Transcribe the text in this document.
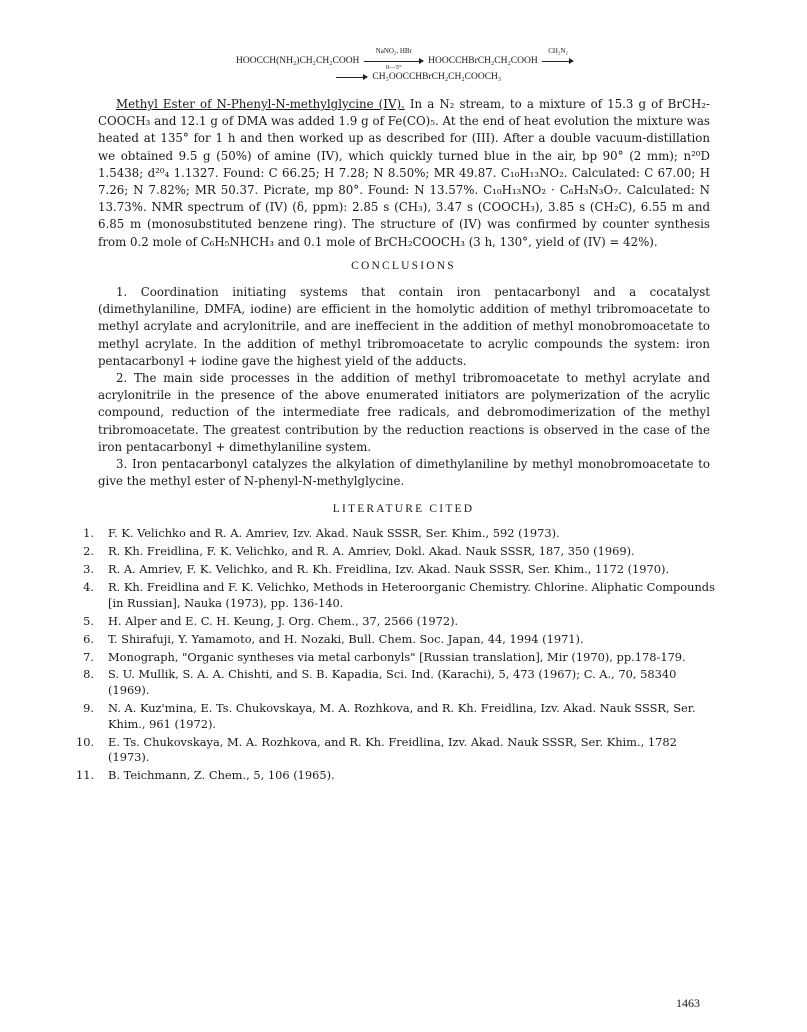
HOOCCH(NH₂)CH₂CH₂COOH
NaNO₂, HBr
0—5°
HOOCCHBrCH₂CH₂COOH
CH₂N₂
CH₃OOCCHBrCH₂CH₂COOCH₃
Methyl Ester of N-Phenyl-N-methylglycine (IV). In a N₂ stream, to a mixture of 15.3 g of BrCH₂-COOCH₃ and 12.1 g of DMA was added 1.9 g of Fe(CO)₅. At the end of heat evolution the mixture was heated at 135° for 1 h and then worked up as described for (III). After a double vacuum-distillation we obtained 9.5 g (50%) of amine (IV), which quickly turned blue in the air, bp 90° (2 mm); n²⁰D 1.5438; d²⁰₄ 1.1327. Found: C 66.25; H 7.28; N 8.50%; MR 49.87. C₁₀H₁₃NO₂. Calculated: C 67.00; H 7.26; N 7.82%; MR 50.37. Picrate, mp 80°. Found: N 13.57%. C₁₀H₁₃NO₂ · C₆H₃N₃O₇. Calculated: N 13.73%. NMR spectrum of (IV) (δ, ppm): 2.85 s (CH₃), 3.47 s (COOCH₃), 3.85 s (CH₂C), 6.55 m and 6.85 m (monosubstituted benzene ring). The structure of (IV) was confirmed by counter synthesis from 0.2 mole of C₆H₅NHCH₃ and 0.1 mole of BrCH₂COOCH₃ (3 h, 130°, yield of (IV) = 42%).
CONCLUSIONS
1. Coordination initiating systems that contain iron pentacarbonyl and a cocatalyst (dimethylaniline, DMFA, iodine) are efficient in the homolytic addition of methyl tribromoacetate to methyl acrylate and acrylonitrile, and are ineffecient in the addition of methyl monobromoacetate to methyl acrylate. In the addition of methyl tribromoacetate to acrylic compounds the system: iron pentacarbonyl + iodine gave the highest yield of the adducts.
2. The main side processes in the addition of methyl tribromoacetate to methyl acrylate and acrylonitrile in the presence of the above enumerated initiators are polymerization of the acrylic compound, reduction of the intermediate free radicals, and debromodimerization of the methyl tribromoacetate. The greatest contribution by the reduction reactions is observed in the case of the iron pentacarbonyl + dimethylaniline system.
3. Iron pentacarbonyl catalyzes the alkylation of dimethylaniline by methyl monobromoacetate to give the methyl ester of N-phenyl-N-methylglycine.
LITERATURE CITED
1. F. K. Velichko and R. A. Amriev, Izv. Akad. Nauk SSSR, Ser. Khim., 592 (1973).
2. R. Kh. Freidlina, F. K. Velichko, and R. A. Amriev, Dokl. Akad. Nauk SSSR, 187, 350 (1969).
3. R. A. Amriev, F. K. Velichko, and R. Kh. Freidlina, Izv. Akad. Nauk SSSR, Ser. Khim., 1172 (1970).
4. R. Kh. Freidlina and F. K. Velichko, Methods in Heteroorganic Chemistry. Chlorine. Aliphatic Compounds [in Russian], Nauka (1973), pp. 136-140.
5. H. Alper and E. C. H. Keung, J. Org. Chem., 37, 2566 (1972).
6. T. Shirafuji, Y. Yamamoto, and H. Nozaki, Bull. Chem. Soc. Japan, 44, 1994 (1971).
7. Monograph, "Organic syntheses via metal carbonyls" [Russian translation], Mir (1970), pp.178-179.
8. S. U. Mullik, S. A. A. Chishti, and S. B. Kapadia, Sci. Ind. (Karachi), 5, 473 (1967); C. A., 70, 58340 (1969).
9. N. A. Kuz'mina, E. Ts. Chukovskaya, M. A. Rozhkova, and R. Kh. Freidlina, Izv. Akad. Nauk SSSR, Ser. Khim., 961 (1972).
10. E. Ts. Chukovskaya, M. A. Rozhkova, and R. Kh. Freidlina, Izv. Akad. Nauk SSSR, Ser. Khim., 1782 (1973).
11. B. Teichmann, Z. Chem., 5, 106 (1965).
1463
